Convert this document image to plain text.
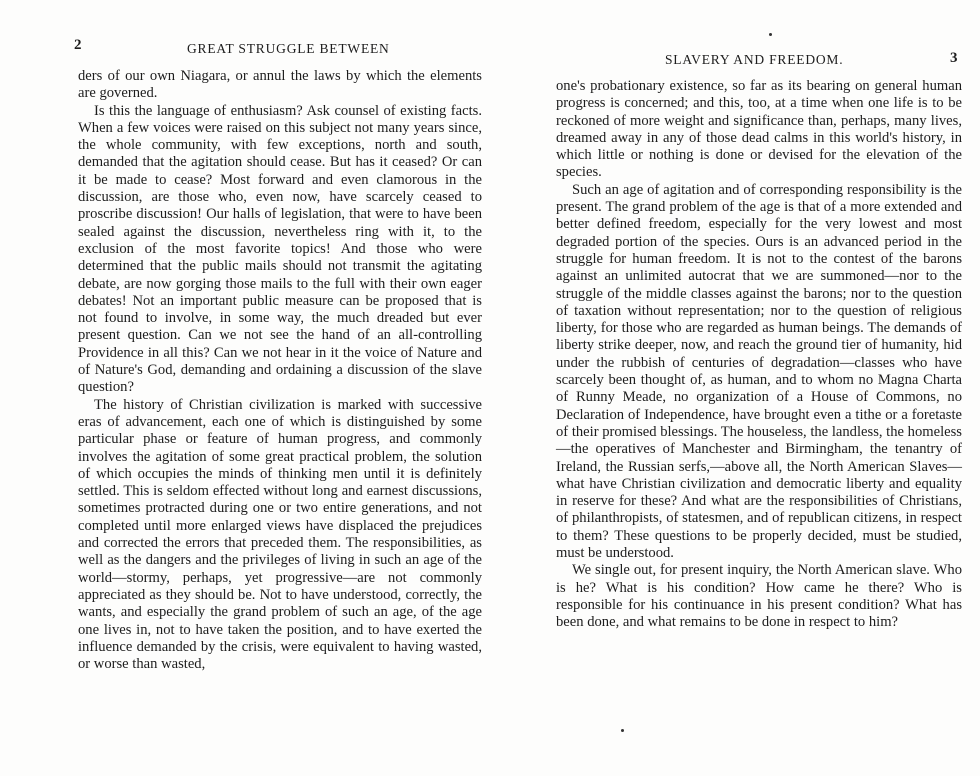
2	GREAT STRUGGLE BETWEEN

ders of our own Niagara, or annul the laws by which the elements are governed.

Is this the language of enthusiasm? Ask counsel of existing facts. When a few voices were raised on this subject not many years since, the whole community, with few exceptions, north and south, demanded that the agitation should cease. But has it ceased? Or can it be made to cease? Most forward and even clamorous in the discussion, are those who, even now, have scarcely ceased to proscribe discussion! Our halls of legislation, that were to have been sealed against the discussion, nevertheless ring with it, to the exclusion of the most favorite topics! And those who were determined that the public mails should not transmit the agitating debate, are now gorging those mails to the full with their own eager debates! Not an important public measure can be proposed that is not found to involve, in some way, the much dreaded but ever present question. Can we not see the hand of an all-controlling Providence in all this? Can we not hear in it the voice of Nature and of Nature's God, demanding and ordaining a discussion of the slave question?

The history of Christian civilization is marked with successive eras of advancement, each one of which is distinguished by some particular phase or feature of human progress, and commonly involves the agitation of some great practical problem, the solution of which occupies the minds of thinking men until it is definitely settled. This is seldom effected without long and earnest discussions, sometimes protracted during one or two entire generations, and not completed until more enlarged views have displaced the prejudices and corrected the errors that preceded them. The responsibilities, as well as the dangers and the privileges of living in such an age of the world—stormy, perhaps, yet progressive—are not commonly appreciated as they should be. Not to have understood, correctly, the wants, and especially the grand problem of such an age, of the age one lives in, not to have taken the position, and to have exerted the influence demanded by the crisis, were equivalent to having wasted, or worse than wasted,

SLAVERY AND FREEDOM.	3

one's probationary existence, so far as its bearing on general human progress is concerned; and this, too, at a time when one life is to be reckoned of more weight and significance than, perhaps, many lives, dreamed away in any of those dead calms in this world's history, in which little or nothing is done or devised for the elevation of the species.

Such an age of agitation and of corresponding responsibility is the present. The grand problem of the age is that of a more extended and better defined freedom, especially for the very lowest and most degraded portion of the species. Ours is an advanced period in the struggle for human freedom. It is not to the contest of the barons against an unlimited autocrat that we are summoned—nor to the struggle of the middle classes against the barons; nor to the question of taxation without representation; nor to the question of religious liberty, for those who are regarded as human beings. The demands of liberty strike deeper, now, and reach the ground tier of humanity, hid under the rubbish of centuries of degradation—classes who have scarcely been thought of, as human, and to whom no Magna Charta of Runny Meade, no organization of a House of Commons, no Declaration of Independence, have brought even a tithe or a foretaste of their promised blessings. The houseless, the landless, the homeless—the operatives of Manchester and Birmingham, the tenantry of Ireland, the Russian serfs,—above all, the North American Slaves—what have Christian civilization and democratic liberty and equality in reserve for these? And what are the responsibilities of Christians, of philanthropists, of statesmen, and of republican citizens, in respect to them? These questions to be properly decided, must be studied, must be understood.

We single out, for present inquiry, the North American slave. Who is he? What is his condition? How came he there? Who is responsible for his continuance in his present condition? What has been done, and what remains to be done in respect to him?
